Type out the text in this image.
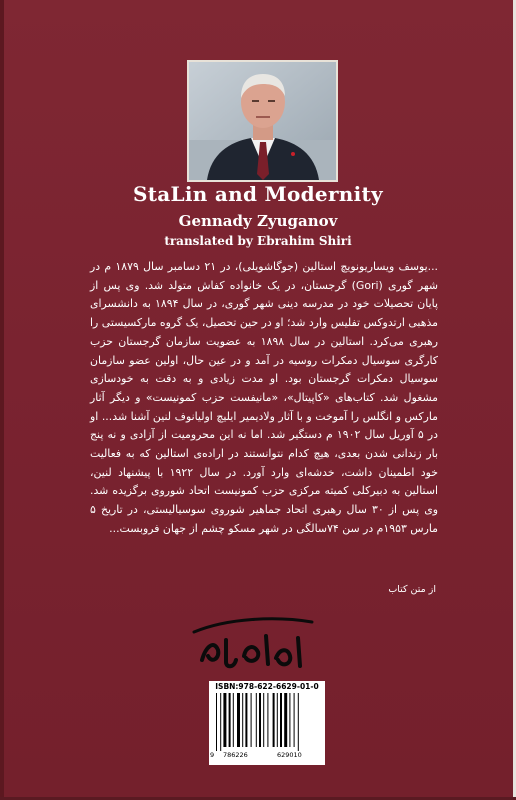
StaLin and Modernity
Gennady Zyuganov
translated by Ebrahim Shiri

...یوسف ویساریونویچ استالین (جوگاشویلی)، در ۲۱ دسامبر سال ۱۸۷۹ م در شهر گوری (Gori) گرجستان، در یک خانواده کفاش متولد شد. وی پس از پایان تحصیلات خود در مدرسه دینی شهر گوری، در سال ۱۸۹۴ به دانشسرای مذهبی ارتدوکس تفلیس وارد شد؛ او در حین تحصیل، یک گروه مارکسیستی را رهبری می‌کرد. استالین در سال ۱۸۹۸ به عضویت سازمان گرجستان حزب کارگری سوسیال دمکرات روسیه در آمد و در عین حال، اولین عضو سازمان سوسیال دمکرات گرجستان بود. او مدت زیادی و به دقت به خودسازی مشغول شد. کتاب‌های «کاپیتال»، «مانیفست حزب کمونیست» و دیگر آثار مارکس و انگلس را آموخت و با آثار ولادیمیر ایلیچ اولیانوف لنین آشنا شد... او در ۵ آوریل سال ۱۹۰۲ م دستگیر شد. اما نه این محرومیت از آزادی و نه پنج بار زندانی شدن بعدی، هیچ کدام نتوانستند در اراده‌ی استالین که به فعالیت خود اطمینان داشت، خدشه‌ای وارد آورد. در سال ۱۹۲۲ با پیشنهاد لنین، استالین به دبیرکلی کمیته مرکزی حزب کمونیست اتحاد شوروی برگزیده شد. وی پس از ۳۰ سال رهبری اتحاد جماهیر شوروی سوسیالیستی، در تاریخ ۵ مارس ۱۹۵۳م در سن ۷۴سالگی در شهر مسکو چشم از جهان فروبست...

از متن کتاب
ISBN:978-622-6629-01-0
9 786226	629010
